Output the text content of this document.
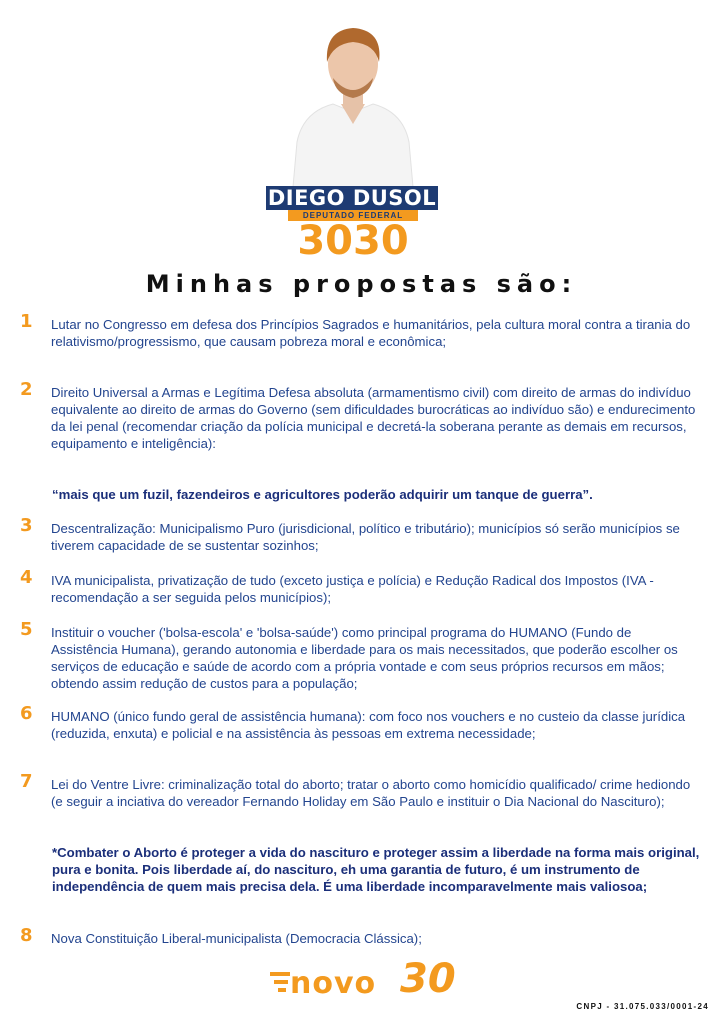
DIEGO DUSOL
DEPUTADO FEDERAL
3030
Minhas propostas são:
1 Lutar no Congresso em defesa dos Princípios Sagrados e humanitários, pela cultura moral contra a tirania do relativismo/progressismo, que causam pobreza moral e econômica;
2 Direito Universal a Armas e Legítima Defesa absoluta (armamentismo civil) com direito de armas do indivíduo equivalente ao direito de armas do Governo (sem dificuldades burocráticas ao indivíduo são) e endurecimento da lei penal (recomendar criação da polícia municipal e decretá-la soberana perante as demais em recursos, equipamento e inteligência):
“mais que um fuzil, fazendeiros e agricultores poderão adquirir um tanque de guerra”.
3 Descentralização: Municipalismo Puro (jurisdicional, político e tributário); municípios só serão municípios se tiverem capacidade de se sustentar sozinhos;
4 IVA municipalista, privatização de tudo (exceto justiça e polícia) e Redução Radical dos Impostos (IVA - recomendação a ser seguida pelos municípios);
5 Instituir o voucher ('bolsa-escola' e 'bolsa-saúde') como principal programa do HUMANO (Fundo de Assistência Humana), gerando autonomia e liberdade para os mais necessitados, que poderão escolher os serviços de educação e saúde de acordo com a própria vontade e com seus próprios recursos em mãos; obtendo assim redução de custos para a população;
6 HUMANO (único fundo geral de assistência humana): com foco nos vouchers e no custeio da classe jurídica (reduzida, enxuta) e policial e na assistência às pessoas em extrema necessidade;
7 Lei do Ventre Livre: criminalização total do aborto; tratar o aborto como homicídio qualificado/ crime hediondo (e seguir a inciativa do vereador Fernando Holiday em São Paulo e instituir o Dia Nacional do Nascituro);
*Combater o Aborto é proteger a vida do nascituro e proteger assim a liberdade na forma mais original, pura e bonita. Pois liberdade aí, do nascituro, eh uma garantia de futuro, é um instrumento de independência de quem mais precisa dela. É uma liberdade incomparavelmente mais valiosoa;
8 Nova Constituição Liberal-municipalista (Democracia Clássica);
novo 30
CNPJ - 31.075.033/0001-24
